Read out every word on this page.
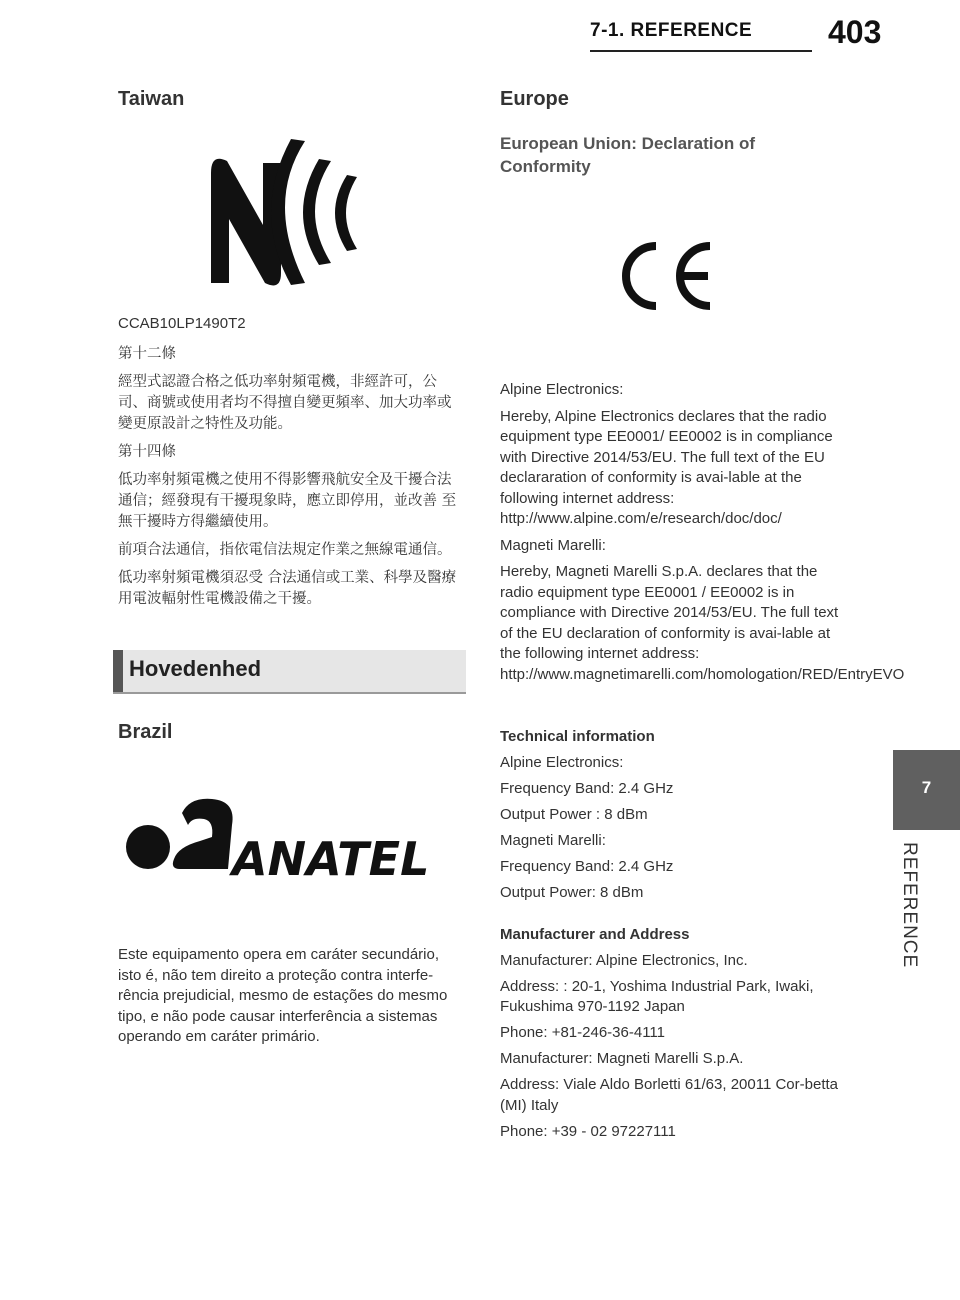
7-1. REFERENCE 403
Taiwan

CCAB10LP1490T2

第十二條

經型式認證合格之低功率射頻電機，非經許可，公司、商號或使用者均不得擅自變更頻率、加大功率或 變更原設計之特性及功能。

第十四條

低功率射頻電機之使用不得影響飛航安全及干擾合法通信；經發現有干擾現象時，應立即停用，並改善 至無干擾時方得繼續使用。

前項合法通信，指依電信法規定作業之無線電通信。

低功率射頻電機須忍受 合法通信或工業、科學及醫療用電波輻射性電機設備之干擾。

Hovedenhed
Brazil
ANATEL

Este equipamento opera em caráter secundário, isto é, não tem direito a proteção contra interfe-rência prejudicial, mesmo de estações do mesmo tipo, e não pode causar interferência a sistemas operando em caráter primário.

Europe
European Union: Declaration of Conformity

Alpine Electronics:

Hereby, Alpine Electronics declares that the radio equipment type EE0001/ EE0002 is in compliance with Directive 2014/53/EU. The full text of the EU declararation of conformity is avai-lable at the following internet address: http://www.alpine.com/e/research/doc/doc/

Magneti Marelli:

Hereby, Magneti Marelli S.p.A. declares that the radio equipment type EE0001 / EE0002 is in compliance with Directive 2014/53/EU. The full text of the EU declaration of conformity is avai-lable at the following internet address: http://www.magnetimarelli.com/homologation/RED/EntryEVO

Technical information

Alpine Electronics:

Frequency Band: 2.4 GHz

Output Power : 8 dBm

Magneti Marelli:

Frequency Band: 2.4 GHz

Output Power: 8 dBm

Manufacturer and Address

Manufacturer: Alpine Electronics, Inc.

Address: : 20-1, Yoshima Industrial Park, Iwaki, Fukushima 970-1192 Japan

Phone: +81-246-36-4111

Manufacturer: Magneti Marelli S.p.A.

Address: Viale Aldo Borletti 61/63, 20011 Cor-betta (MI) Italy

Phone: +39 - 02 97227111

7
REFERENCE
